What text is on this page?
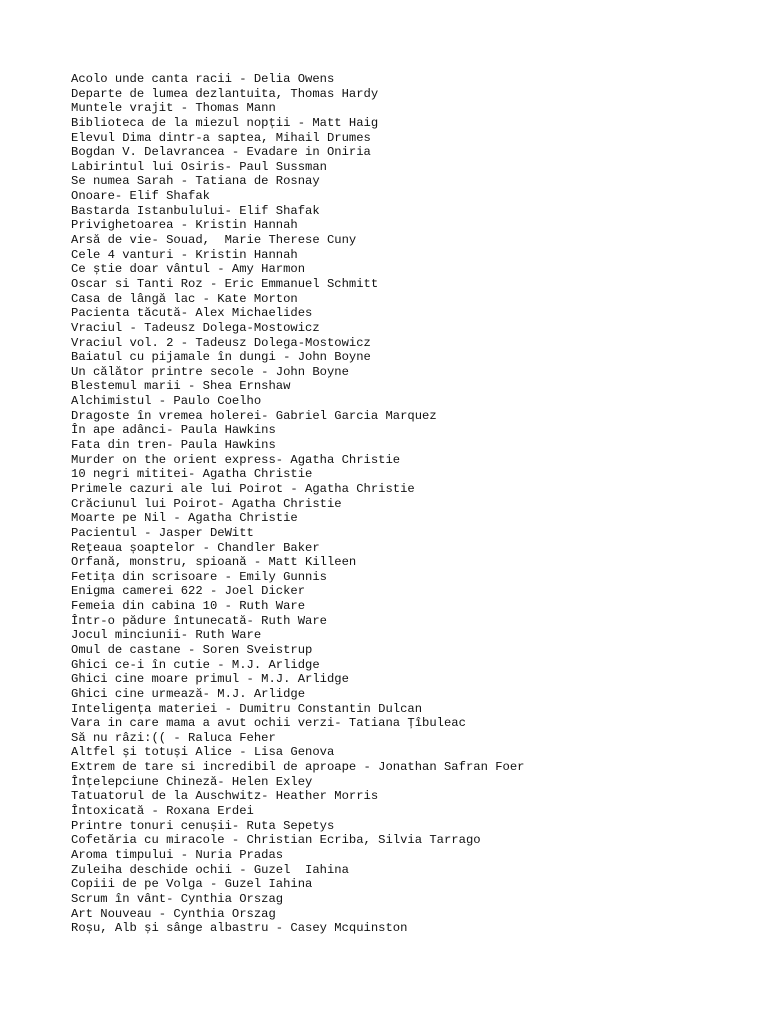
Acolo unde canta racii - Delia Owens
Departe de lumea dezlantuita, Thomas Hardy
Muntele vrajit - Thomas Mann
Biblioteca de la miezul nopții - Matt Haig
Elevul Dima dintr-a saptea, Mihail Drumes
Bogdan V. Delavrancea - Evadare in Oniria
Labirintul lui Osiris- Paul Sussman
Se numea Sarah - Tatiana de Rosnay
Onoare- Elif Shafak
Bastarda Istanbulului- Elif Shafak
Privighetoarea - Kristin Hannah
Arsă de vie- Souad,  Marie Therese Cuny
Cele 4 vanturi - Kristin Hannah
Ce știe doar vântul - Amy Harmon
Oscar si Tanti Roz - Eric Emmanuel Schmitt
Casa de lângă lac - Kate Morton
Pacienta tăcută- Alex Michaelides
Vraciul - Tadeusz Dolega-Mostowicz
Vraciul vol. 2 - Tadeusz Dolega-Mostowicz
Baiatul cu pijamale în dungi - John Boyne
Un călător printre secole - John Boyne
Blestemul marii - Shea Ernshaw
Alchimistul - Paulo Coelho
Dragoste în vremea holerei- Gabriel Garcia Marquez
În ape adânci- Paula Hawkins
Fata din tren- Paula Hawkins
Murder on the orient express- Agatha Christie
10 negri mititei- Agatha Christie
Primele cazuri ale lui Poirot - Agatha Christie
Crăciunul lui Poirot- Agatha Christie
Moarte pe Nil - Agatha Christie
Pacientul - Jasper DeWitt
Rețeaua șoaptelor - Chandler Baker
Orfană, monstru, spioană - Matt Killeen
Fetița din scrisoare - Emily Gunnis
Enigma camerei 622 - Joel Dicker
Femeia din cabina 10 - Ruth Ware
Într-o pădure întunecată- Ruth Ware
Jocul minciunii- Ruth Ware
Omul de castane - Soren Sveistrup
Ghici ce-i în cutie - M.J. Arlidge
Ghici cine moare primul - M.J. Arlidge
Ghici cine urmează- M.J. Arlidge
Inteligența materiei - Dumitru Constantin Dulcan
Vara in care mama a avut ochii verzi- Tatiana Țîbuleac
Să nu râzi:(( - Raluca Feher
Altfel și totuși Alice - Lisa Genova
Extrem de tare si incredibil de aproape - Jonathan Safran Foer
Înțelepciune Chineză- Helen Exley
Tatuatorul de la Auschwitz- Heather Morris
Întoxicată - Roxana Erdei
Printre tonuri cenușii- Ruta Sepetys
Cofetăria cu miracole - Christian Ecriba, Silvia Tarrago
Aroma timpului - Nuria Pradas
Zuleiha deschide ochii - Guzel  Iahina
Copiii de pe Volga - Guzel Iahina
Scrum în vânt- Cynthia Orszag
Art Nouveau - Cynthia Orszag
Roșu, Alb și sânge albastru - Casey Mcquinston
